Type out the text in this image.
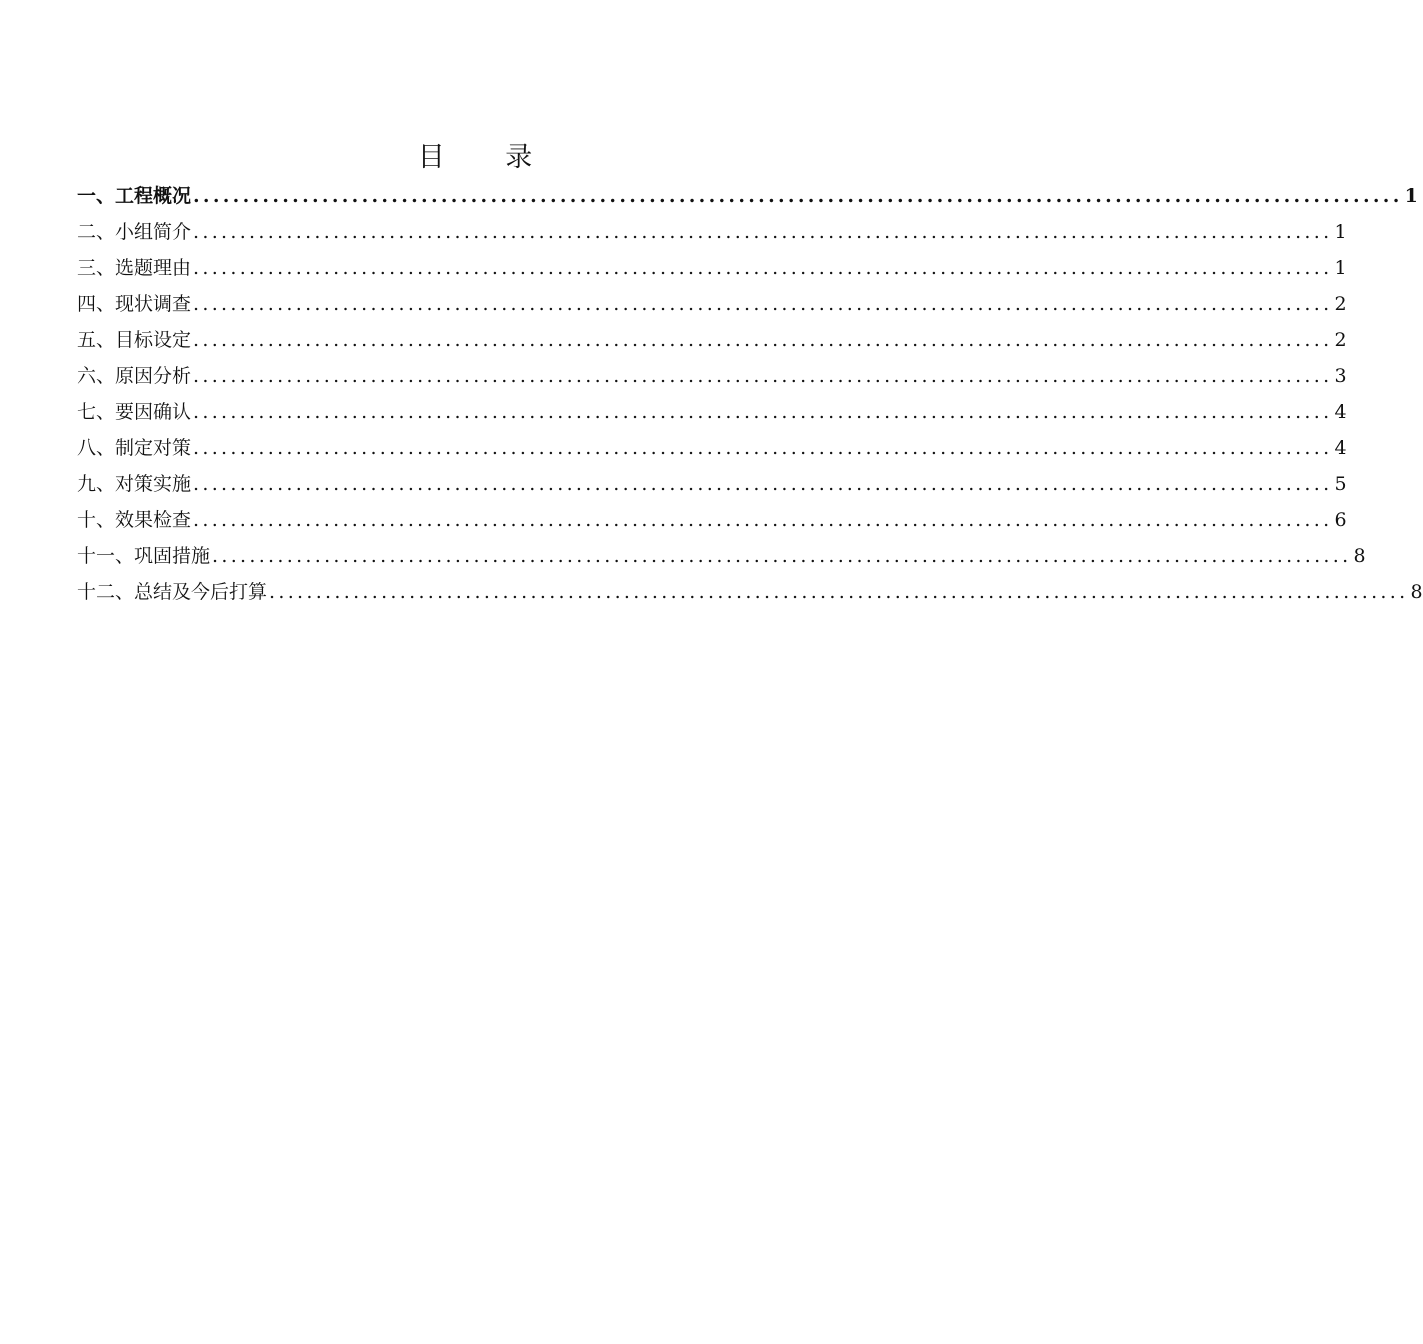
目 录
一、工程概况 .......................................................................................................................... 1
二、小组简介 .......................................................................................................................... 1
三、选题理由 .......................................................................................................................... 1
四、现状调查 .......................................................................................................................... 2
五、目标设定 .......................................................................................................................... 2
六、原因分析 .......................................................................................................................... 3
七、要因确认 .......................................................................................................................... 4
八、制定对策 .......................................................................................................................... 4
九、对策实施 .......................................................................................................................... 5
十、效果检查 .......................................................................................................................... 6
十一、巩固措施 .......................................................................................................................... 8
十二、总结及今后打算 .......................................................................................................................... 8
